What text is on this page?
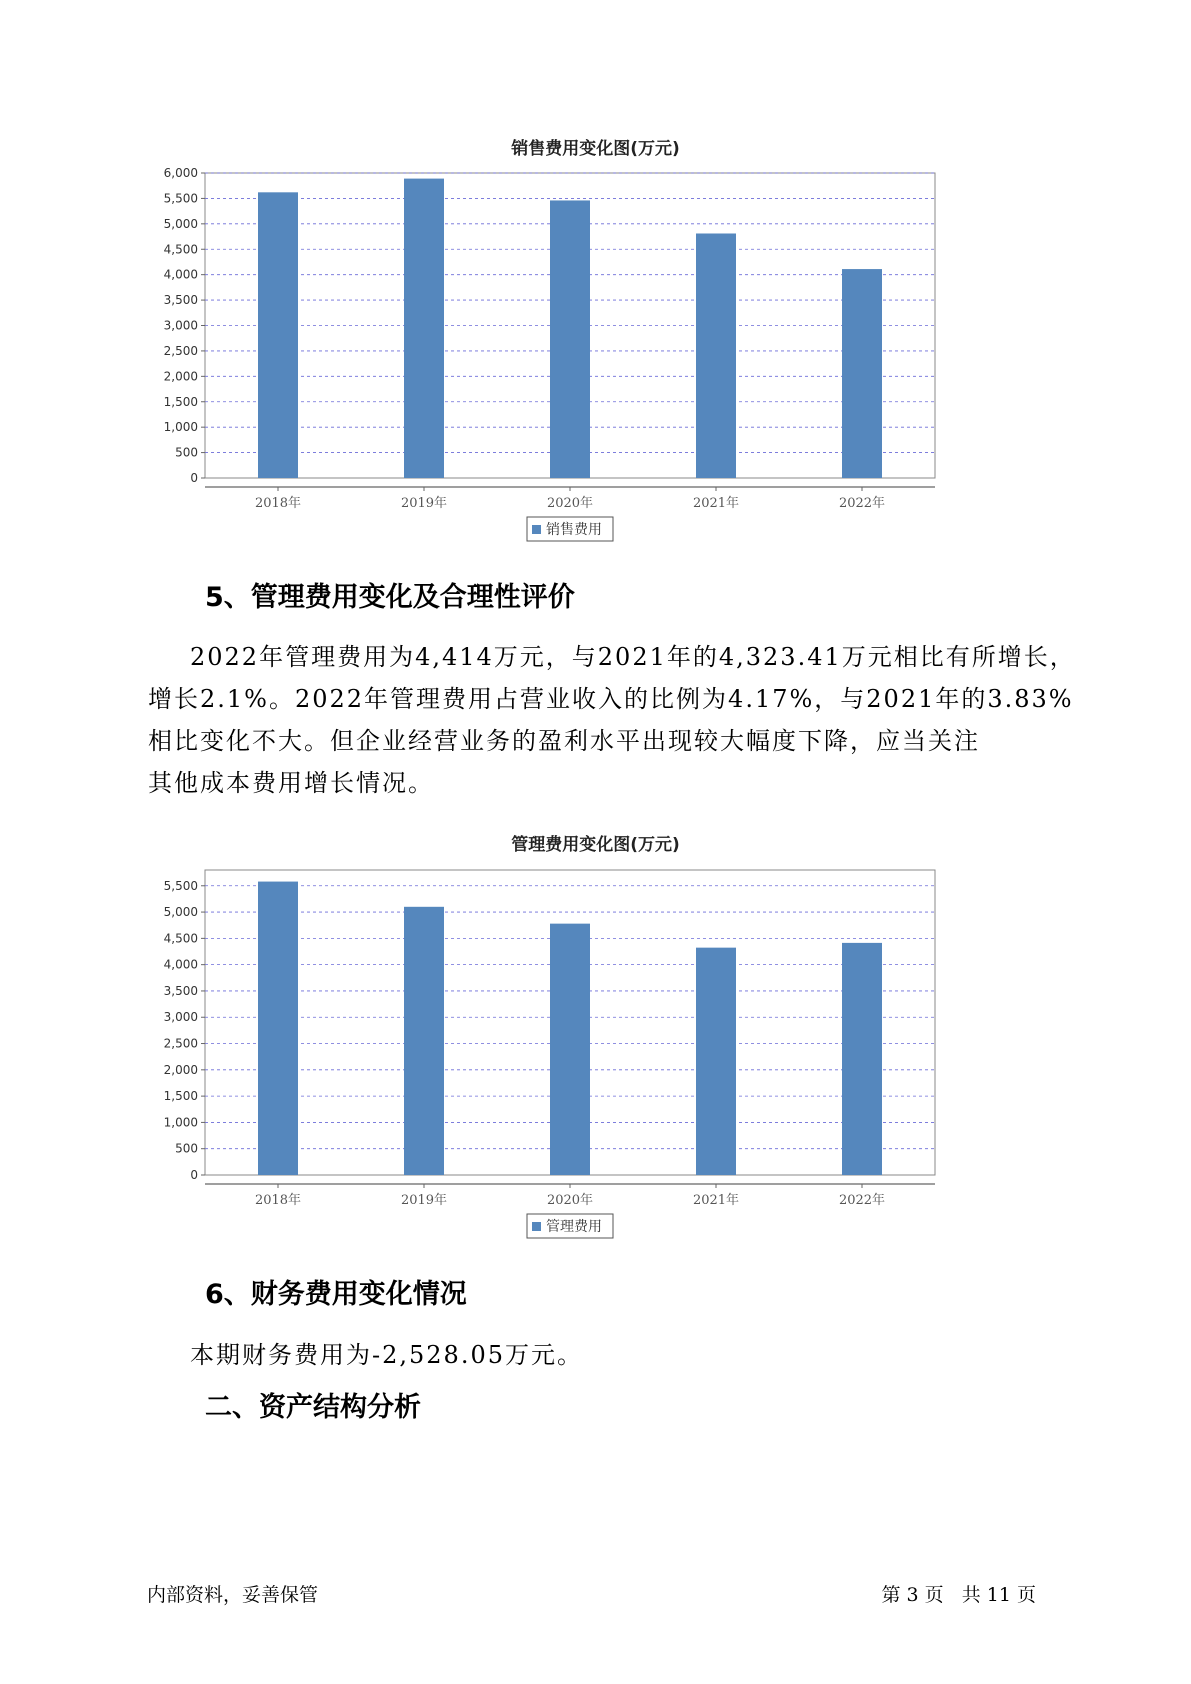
销售费用变化图(万元)
0
500
1,000
1,500
2,000
2,500
3,000
3,500
4,000
4,500
5,000
5,500
6,000
2018年	2019年	2020年	2021年	2022年
销售费用
5、管理费用变化及合理性评价

2022年管理费用为4,414万元，与2021年的4,323.41万元相比有所增长，

增长2.1%。2022年管理费用占营业收入的比例为4.17%，与2021年的3.83%

相比变化不大。但企业经营业务的盈利水平出现较大幅度下降，应当关注

其他成本费用增长情况。

管理费用变化图(万元)
0
500
1,000
1,500
2,000
2,500
3,000
3,500
4,000
4,500
5,000
5,500
2018年	2019年	2020年	2021年	2022年
管理费用
6、财务费用变化情况

本期财务费用为-2,528.05万元。

二、资产结构分析
内部资料，妥善保管	第 3 页   共 11 页
